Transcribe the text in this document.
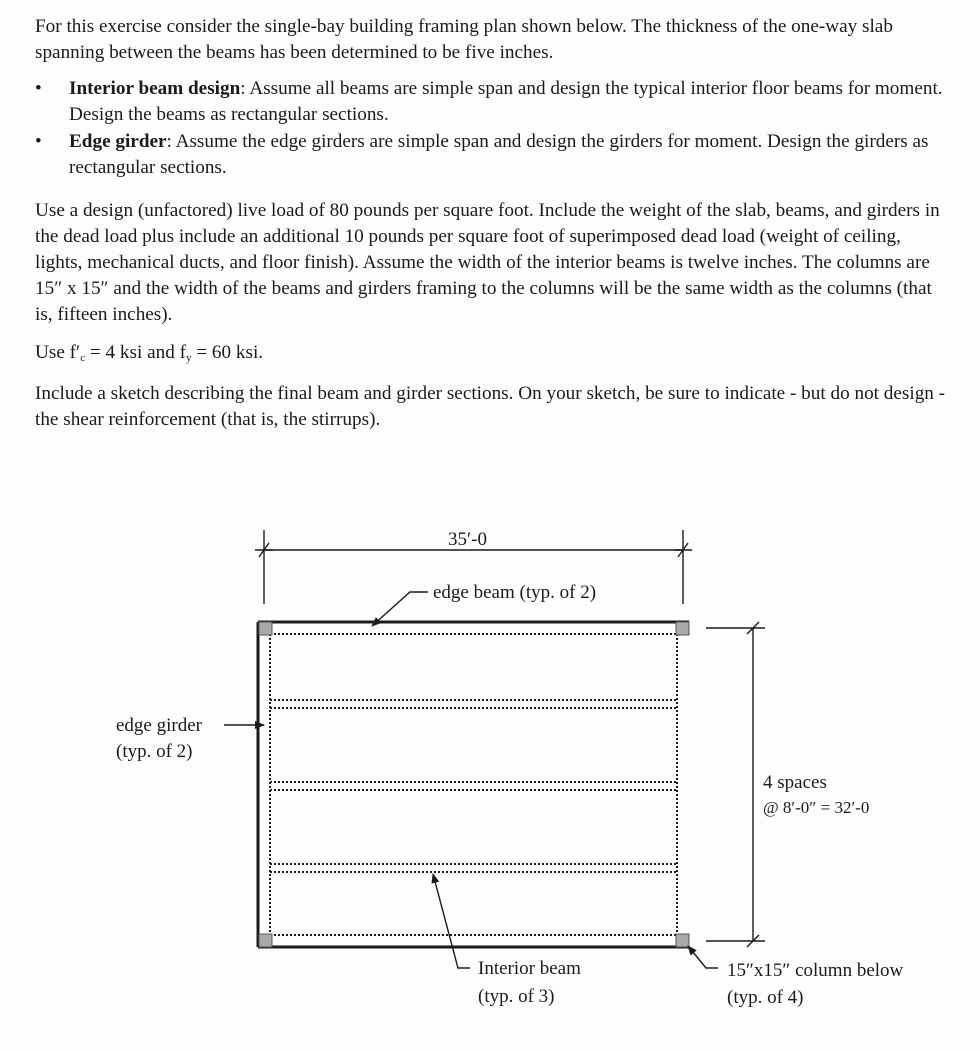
For this exercise consider the single-bay building framing plan shown below. The thickness of the one-way slab spanning between the beams has been determined to be five inches.

• Interior beam design: Assume all beams are simple span and design the typical interior floor beams for moment. Design the beams as rectangular sections.
• Edge girder: Assume the edge girders are simple span and design the girders for moment. Design the girders as rectangular sections.

Use a design (unfactored) live load of 80 pounds per square foot. Include the weight of the slab, beams, and girders in the dead load plus include an additional 10 pounds per square foot of superimposed dead load (weight of ceiling, lights, mechanical ducts, and floor finish). Assume the width of the interior beams is twelve inches. The columns are 15″ x 15″ and the width of the beams and girders framing to the columns will be the same width as the columns (that is, fifteen inches).

Use $f'_c = 4$ ksi and $f_y = 60$ ksi.

Include a sketch describing the final beam and girder sections. On your sketch, be sure to indicate - but do not design - the shear reinforcement (that is, the stirrups).

35′-0
edge beam (typ. of 2)
edge girder
(typ. of 2)
4 spaces
@ 8′-0″ = 32′-0
Interior beam
(typ. of 3)
15″x15″ column below
(typ. of 4)
